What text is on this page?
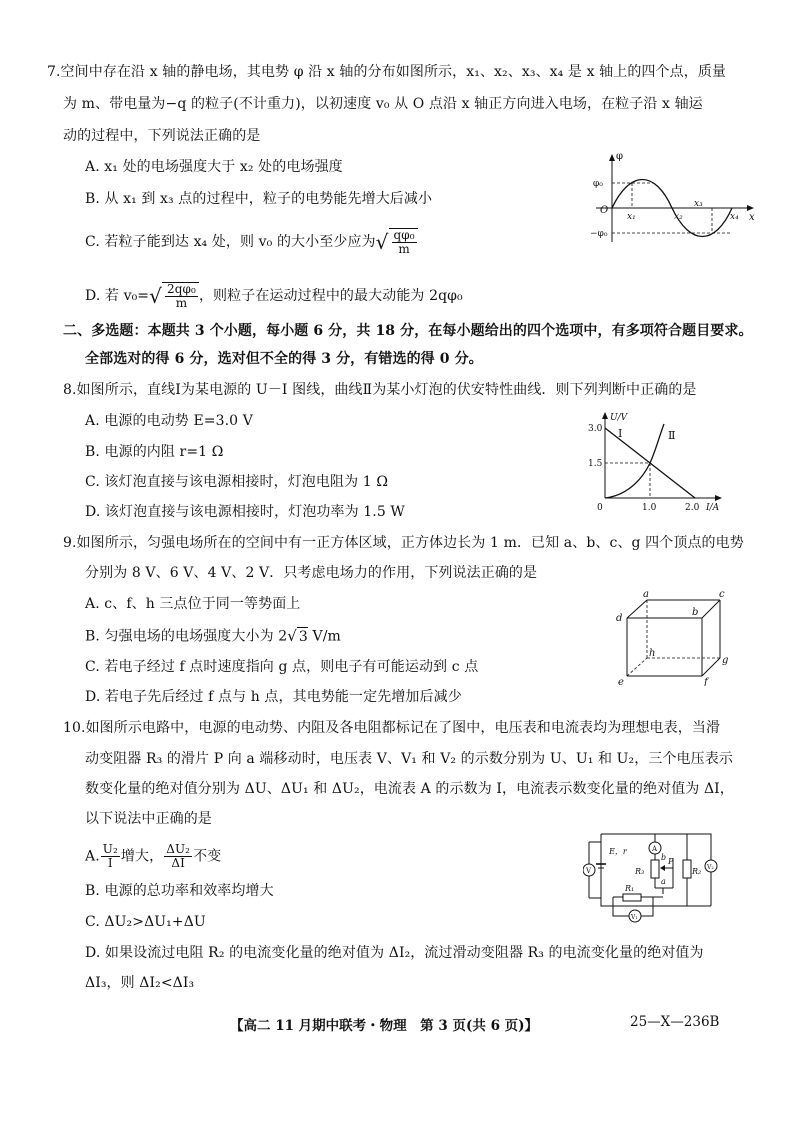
7.空间中存在沿 x 轴的静电场，其电势 φ 沿 x 轴的分布如图所示，x₁、x₂、x₃、x₄ 是 x 轴上的四个点，质量
为 m、带电量为−q 的粒子(不计重力)，以初速度 v₀ 从 O 点沿 x 轴正方向进入电场，在粒子沿 x 轴运
动的过程中，下列说法正确的是
A. x₁ 处的电场强度大于 x₂ 处的电场强度
B. 从 x₁ 到 x₃ 点的过程中，粒子的电势能先增大后减小
C. 若粒子能到达 x₄ 处，则 v₀ 的大小至少应为 √ $\frac{\text{qφ₀}}{m}$
D. 若 v₀= √ $\frac{\text{2qφ₀}}{m}$ ，则粒子在运动过程中的最大动能为 2qφ₀
φ
x
O
φ₀
−φ₀
x₁	x₂
x₃
x₄
二、多选题：本题共 3 个小题，每小题 6 分，共 18 分，在每小题给出的四个选项中，有多项符合题目要求。
全部选对的得 6 分，选对但不全的得 3 分，有错选的得 0 分。
8.如图所示，直线Ⅰ为某电源的 U－I 图线，曲线Ⅱ为某小灯泡的伏安特性曲线．则下列判断中正确的是
A. 电源的电动势 E=3.0 V
B. 电源的内阻 r=1 Ω
C. 该灯泡直接与该电源相接时，灯泡电阻为 1 Ω
D. 该灯泡直接与该电源相接时，灯泡功率为 1.5 W
U/V
I/A
0
3.0
1.5
1.0	2.0
Ⅰ	Ⅱ
9.如图所示，匀强电场所在的空间中有一正方体区域，正方体边长为 1 m．已知 a、b、c、g 四个顶点的电势
分别为 8 V、6 V、4 V、2 V．只考虑电场力的作用，下列说法正确的是
A. c、f、h 三点位于同一等势面上
B. 匀强电场的电场强度大小为 2 √ 3 V/m
C. 若电子经过 f 点时速度指向 g 点，则电子有可能运动到 c 点
D. 若电子先后经过 f 点与 h 点，其电势能一定先增加后减少
a	c
d
b
h
g
e	f
10.如图所示电路中，电源的电动势、内阻及各电阻都标记在了图中，电压表和电流表均为理想电表，当滑
动变阻器 R₃ 的滑片 P 向 a 端移动时，电压表 V、V₁ 和 V₂ 的示数分别为 U、U₁ 和 U₂，三个电压表示
数变化量的绝对值分别为 ΔU、ΔU₁ 和 ΔU₂，电流表 A 的示数为 I，电流表示数变化量的绝对值为 ΔI，
以下说法中正确的是
A. $\frac{\text{U₂}}{I}$ 增大， $\frac{\text{ΔU₂}}{\Delta I}$ 不变
B. 电源的总功率和效率均增大
C. ΔU₂>ΔU₁+ΔU
D. 如果设流过电阻 R₂ 的电流变化量的绝对值为 ΔI₂，流过滑动变阻器 R₃ 的电流变化量的绝对值为
ΔI₃，则 ΔI₂<ΔI₃
V
E，r	A
R₃
b
a
P
R₂ V₂
R₁
V₁
【高二 11 月期中联考・物理　第 3 页(共 6 页)】	25—X—236B
